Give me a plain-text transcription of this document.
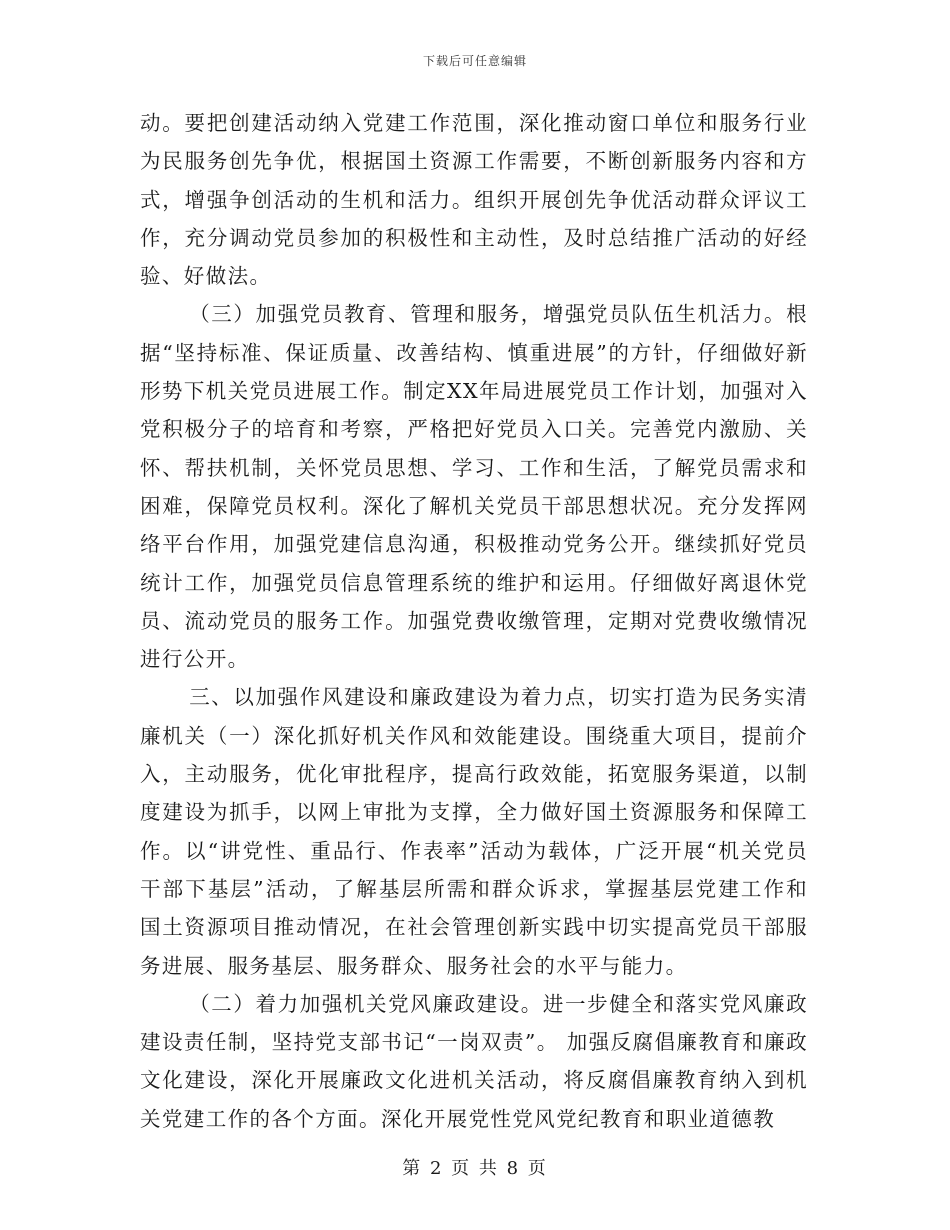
下载后可任意编辑

动。要把创建活动纳入党建工作范围，深化推动窗口单位和服务行业为民服务创先争优，根据国土资源工作需要，不断创新服务内容和方式，增强争创活动的生机和活力。组织开展创先争优活动群众评议工作，充分调动党员参加的积极性和主动性，及时总结推广活动的好经验、好做法。

（三）加强党员教育、管理和服务，增强党员队伍生机活力。根据“坚持标准、保证质量、改善结构、慎重进展”的方针，仔细做好新形势下机关党员进展工作。制定XX年局进展党员工作计划，加强对入党积极分子的培育和考察，严格把好党员入口关。完善党内激励、关怀、帮扶机制，关怀党员思想、学习、工作和生活，了解党员需求和困难，保障党员权利。深化了解机关党员干部思想状况。充分发挥网络平台作用，加强党建信息沟通，积极推动党务公开。继续抓好党员统计工作，加强党员信息管理系统的维护和运用。仔细做好离退休党员、流动党员的服务工作。加强党费收缴管理，定期对党费收缴情况进行公开。

三、以加强作风建设和廉政建设为着力点，切实打造为民务实清廉机关（一）深化抓好机关作风和效能建设。围绕重大项目，提前介入，主动服务，优化审批程序，提高行政效能，拓宽服务渠道，以制度建设为抓手，以网上审批为支撑，全力做好国土资源服务和保障工作。以“讲党性、重品行、作表率”活动为载体，广泛开展“机关党员干部下基层”活动，了解基层所需和群众诉求，掌握基层党建工作和国土资源项目推动情况，在社会管理创新实践中切实提高党员干部服务进展、服务基层、服务群众、服务社会的水平与能力。

（二）着力加强机关党风廉政建设。进一步健全和落实党风廉政建设责任制，坚持党支部书记“一岗双责”。 加强反腐倡廉教育和廉政文化建设，深化开展廉政文化进机关活动，将反腐倡廉教育纳入到机关党建工作的各个方面。深化开展党性党风党纪教育和职业道德教

第 2 页 共 8 页
